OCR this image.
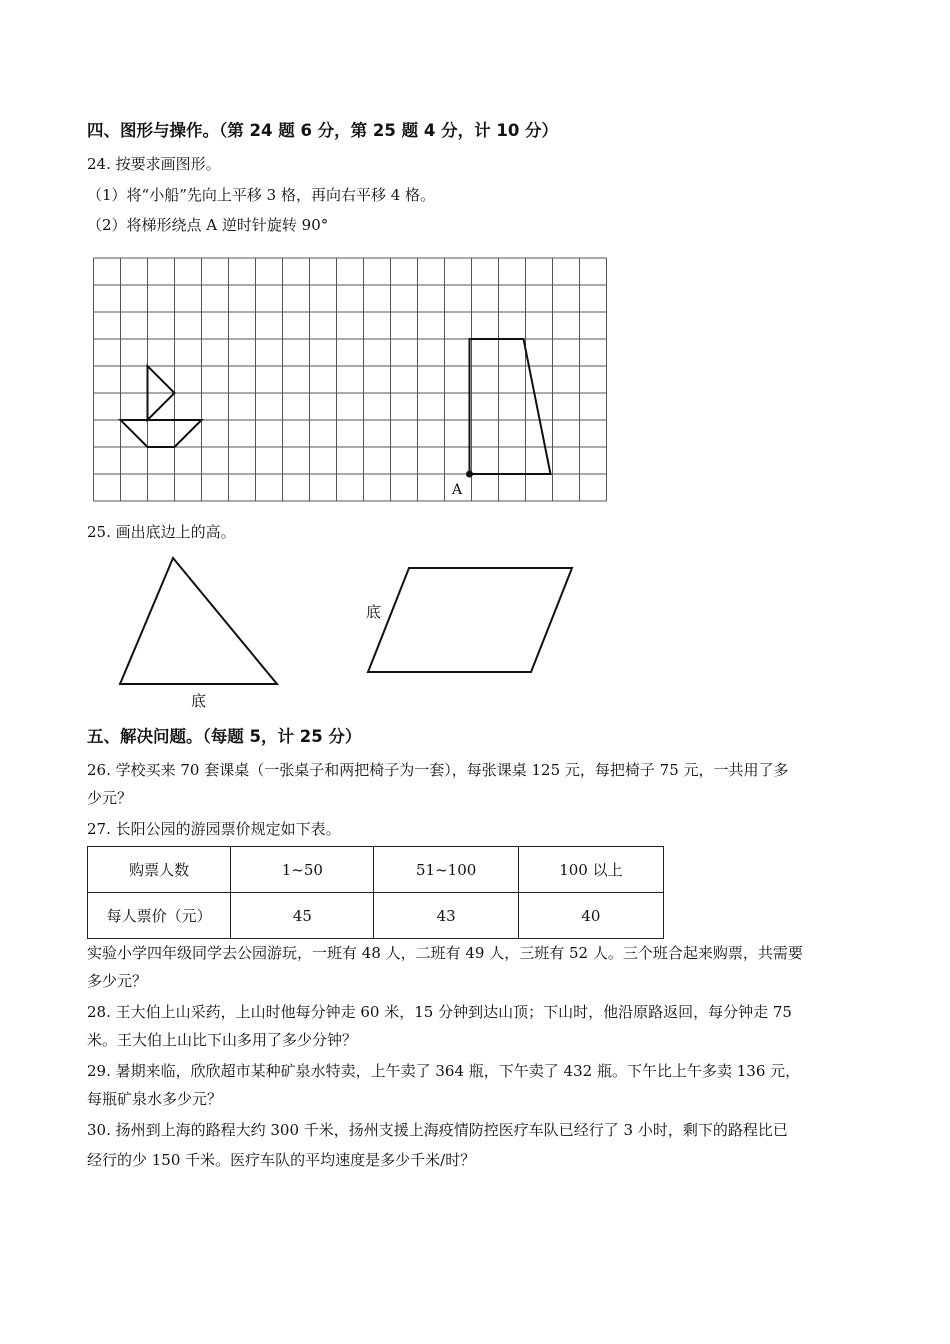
四、图形与操作。（第 24 题 6 分，第 25 题 4 分，计 10 分）
24. 按要求画图形。
（1）将“小船”先向上平移 3 格，再向右平移 4 格。
（2）将梯形绕点 A 逆时针旋转 90°
A
25. 画出底边上的高。
底
底
五、解决问题。（每题 5，计 25 分）
26. 学校买来 70 套课桌（一张桌子和两把椅子为一套），每张课桌 125 元，每把椅子 75 元，一共用了多
少元？
27. 长阳公园的游园票价规定如下表。
购票人数	1~50	51~100	100 以上
每人票价（元）	45	43	40
实验小学四年级同学去公园游玩，一班有 48 人，二班有 49 人，三班有 52 人。三个班合起来购票，共需要
多少元？
28. 王大伯上山采药，上山时他每分钟走 60 米，15 分钟到达山顶；下山时，他沿原路返回，每分钟走 75
米。王大伯上山比下山多用了多少分钟？
29. 暑期来临，欣欣超市某种矿泉水特卖，上午卖了 364 瓶，下午卖了 432 瓶。下午比上午多卖 136 元，
每瓶矿泉水多少元？
30. 扬州到上海的路程大约 300 千米，扬州支援上海疫情防控医疗车队已经行了 3 小时，剩下的路程比已
经行的少 150 千米。医疗车队的平均速度是多少千米/时？
